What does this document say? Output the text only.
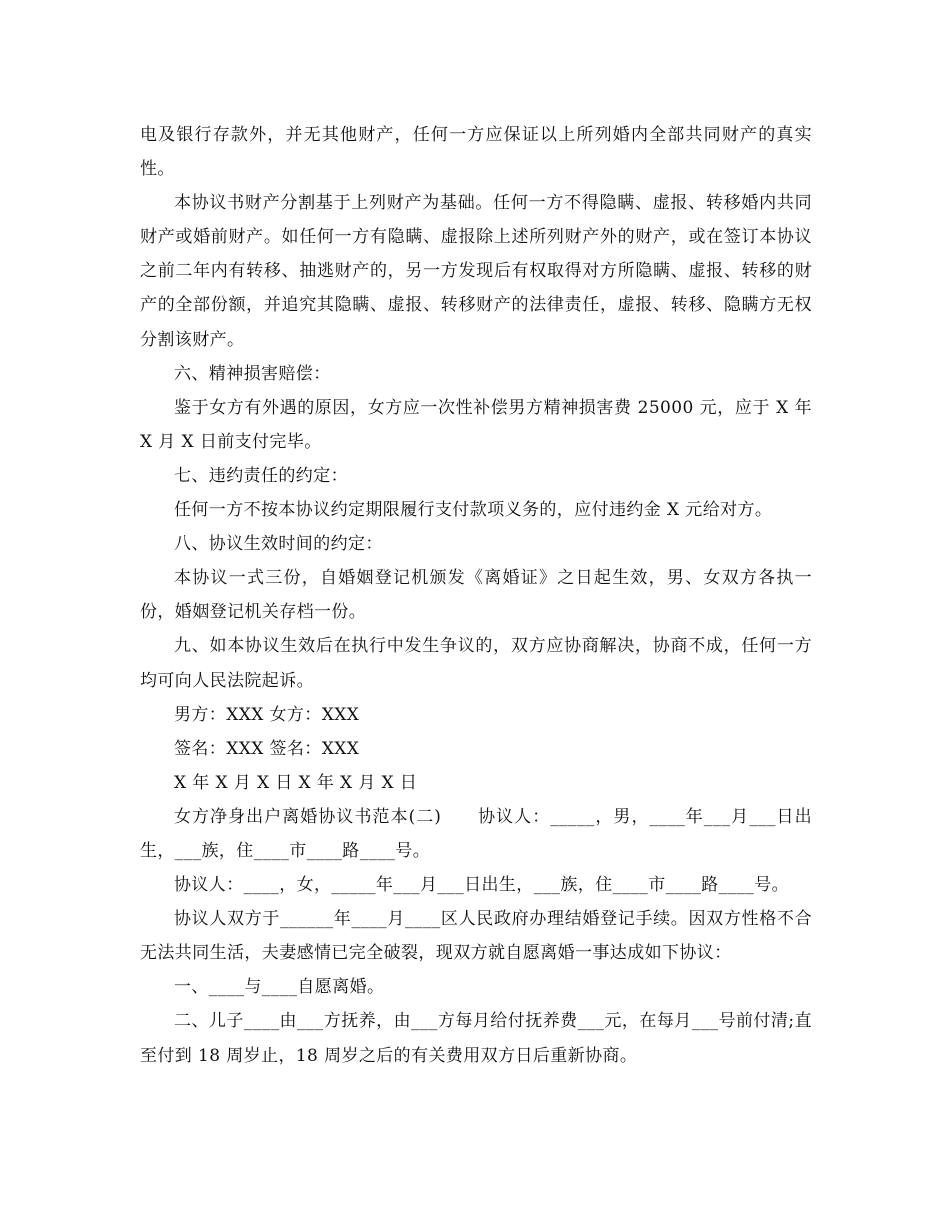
电及银行存款外，并无其他财产，任何一方应保证以上所列婚内全部共同财产的真实性。

本协议书财产分割基于上列财产为基础。任何一方不得隐瞒、虚报、转移婚内共同财产或婚前财产。如任何一方有隐瞒、虚报除上述所列财产外的财产，或在签订本协议之前二年内有转移、抽逃财产的，另一方发现后有权取得对方所隐瞒、虚报、转移的财产的全部份额，并追究其隐瞒、虚报、转移财产的法律责任，虚报、转移、隐瞒方无权分割该财产。

六、精神损害赔偿：

鉴于女方有外遇的原因，女方应一次性补偿男方精神损害费 25000 元，应于 X 年 X 月 X 日前支付完毕。

七、违约责任的约定：

任何一方不按本协议约定期限履行支付款项义务的，应付违约金 X 元给对方。

八、协议生效时间的约定：

本协议一式三份，自婚姻登记机颁发《离婚证》之日起生效，男、女双方各执一份，婚姻登记机关存档一份。

九、如本协议生效后在执行中发生争议的，双方应协商解决，协商不成，任何一方均可向人民法院起诉。

男方：XXX 女方：XXX

签名：XXX 签名：XXX

X 年 X 月 X 日 X 年 X 月 X 日

女方净身出户离婚协议书范本(二)　　协议人：_____，男，____年___月___日出生，___族，住____市____路____号。

协议人：____，女，_____年___月___日出生，___族，住____市____路____号。

协议人双方于______年____月____区人民政府办理结婚登记手续。因双方性格不合无法共同生活，夫妻感情已完全破裂，现双方就自愿离婚一事达成如下协议：

一、____与____自愿离婚。

二、儿子____由___方抚养，由___方每月给付抚养费___元，在每月___号前付清;直至付到 18 周岁止，18 周岁之后的有关费用双方日后重新协商。
